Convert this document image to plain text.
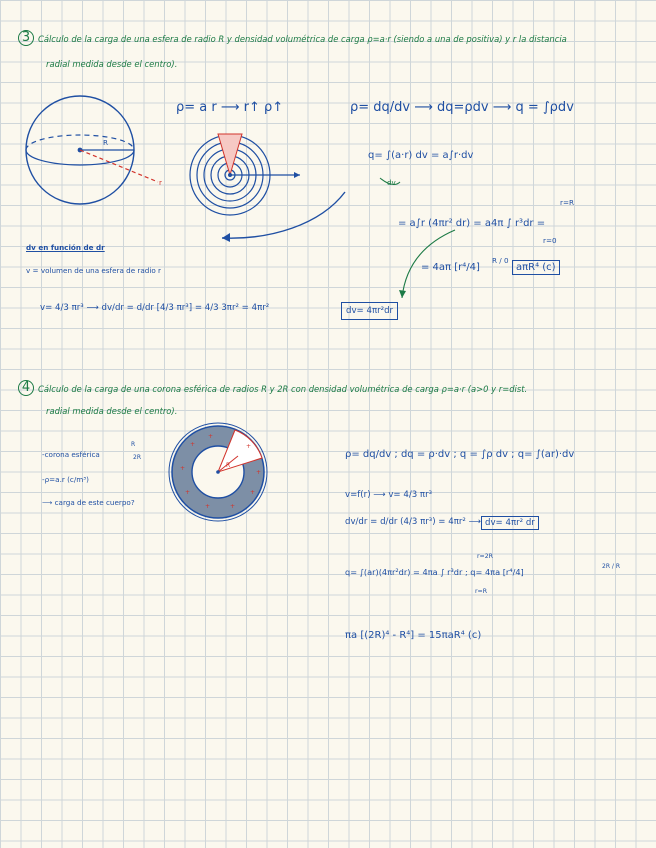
3 Cálculo de la carga de una esfera de radio R y densidad volumétrica de carga ρ=a·r (siendo a una de positiva) y r la distancia
radial medida desde el centro).
R
r
ρ= a r ⟶ r↑ ρ↑	ρ= dq/dv ⟶ dq=ρdv ⟶ q = ∫ρdv
q= ∫(a·r) dv = a∫r·dv
dv
r=R
= a∫r (4πr² dr) = a4π ∫ r³dr =
r=0
= 4aπ [r⁴/4]
R / 0
aπR⁴ (c)
dv en función de dr
v = volumen de una esfera de radio r
v= 4/3 πr³ ⟶ dv/dr = d/dr [4/3 πr³] = 4/3 3πr² = 4πr²	dv= 4πr²dr
4 Cálculo de la carga de una corona esférica de radios R y 2R con densidad volumétrica de carga ρ=a·r (a>0 y r=dist.
radial medida desde el centro).
-corona esférica
R
2R
-ρ=a.r (c/m³)
⟶ carga de este cuerpo?
+
+
+
+	+
+
+
+
+
R
ρ= dq/dv ; dq = ρ·dv ; q = ∫ρ dv ; q= ∫(ar)·dv
v=f(r) ⟶ v= 4/3 πr³
dv/dr = d/dr (4/3 πr³) = 4πr² ⟶ dv= 4πr² dr
r=2R
q= ∫(ar)(4πr²dr) = 4πa ∫ r³dr ; q= 4πa [r⁴/4]
2R / R
r=R
πa [(2R)⁴ - R⁴] = 15πaR⁴ (c)
